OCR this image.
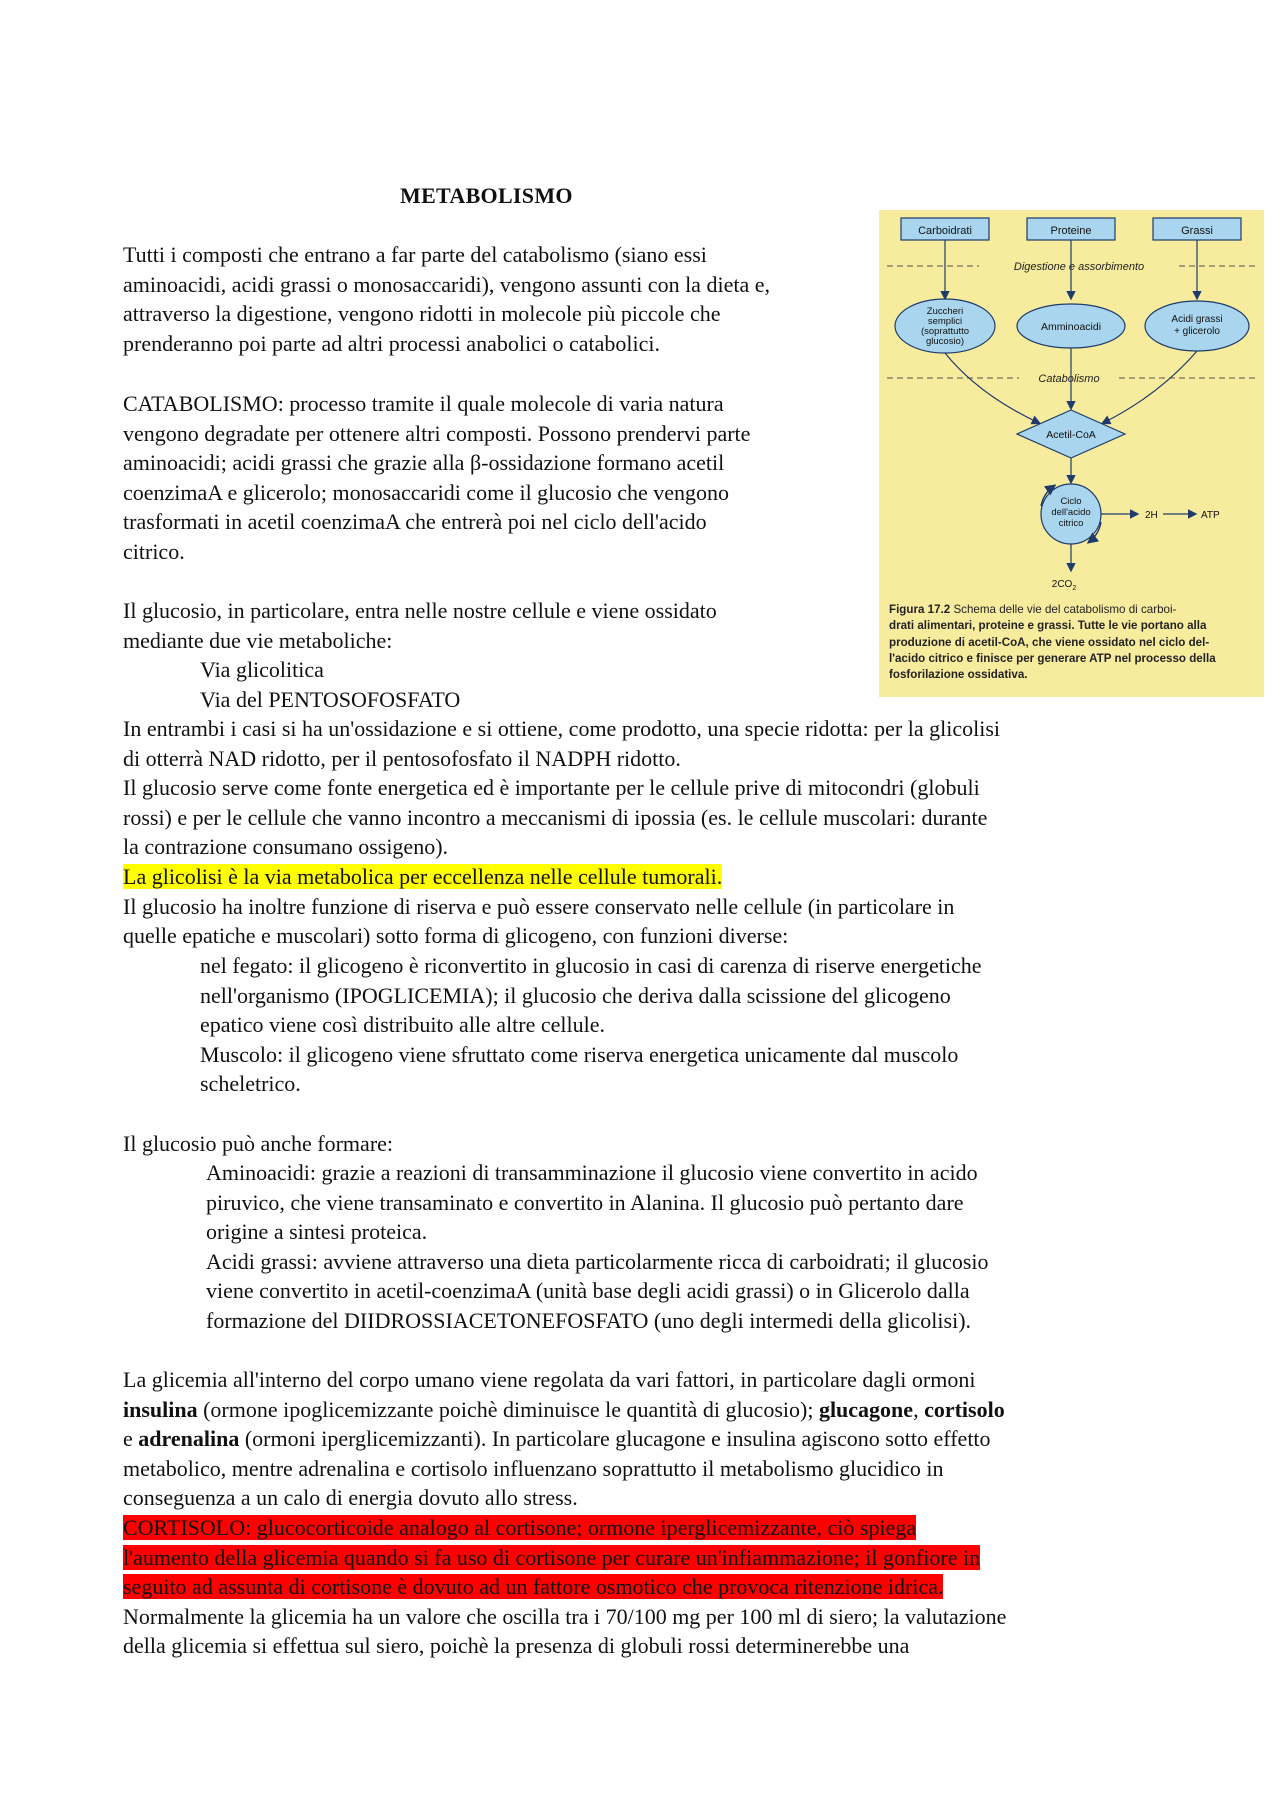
METABOLISMO

Tutti i composti che entrano a far parte del catabolismo (siano essi

aminoacidi, acidi grassi o monosaccaridi), vengono assunti con la dieta e,

attraverso la digestione, vengono ridotti in molecole più piccole che

prenderanno poi parte ad altri processi anabolici o catabolici.

CATABOLISMO: processo tramite il quale molecole di varia natura

vengono degradate per ottenere altri composti. Possono prendervi parte

aminoacidi; acidi grassi che grazie alla β-ossidazione formano acetil

coenzimaA e glicerolo; monosaccaridi come il glucosio che vengono

trasformati in acetil coenzimaA che entrerà poi nel ciclo dell'acido

citrico.

Il glucosio, in particolare, entra nelle nostre cellule e viene ossidato

mediante due vie metaboliche:

Via glicolitica

Via del PENTOSOFOSFATO

In entrambi i casi si ha un'ossidazione e si ottiene, come prodotto, una specie ridotta: per la glicolisi

di otterrà NAD ridotto, per il pentosofosfato il NADPH ridotto.

Il glucosio serve come fonte energetica ed è importante per le cellule prive di mitocondri (globuli

rossi) e per le cellule che vanno incontro a meccanismi di ipossia (es. le cellule muscolari: durante

la contrazione consumano ossigeno).

La glicolisi è la via metabolica per eccellenza nelle cellule tumorali.

Il glucosio ha inoltre funzione di riserva e può essere conservato nelle cellule (in particolare in

quelle epatiche e muscolari) sotto forma di glicogeno, con funzioni diverse:

nel fegato: il glicogeno è riconvertito in glucosio in casi di carenza di riserve energetiche

nell'organismo (IPOGLICEMIA); il glucosio che deriva dalla scissione del glicogeno

epatico viene così distribuito alle altre cellule.

Muscolo: il glicogeno viene sfruttato come riserva energetica unicamente dal muscolo

scheletrico.

Il glucosio può anche formare:

Aminoacidi: grazie a reazioni di transamminazione il glucosio viene convertito in acido

piruvico, che viene transaminato e convertito in Alanina. Il glucosio può pertanto dare

origine a sintesi proteica.

Acidi grassi: avviene attraverso una dieta particolarmente ricca di carboidrati; il glucosio

viene convertito in acetil-coenzimaA (unità base degli acidi grassi) o in Glicerolo dalla

formazione del DIIDROSSIACETONEFOSFATO (uno degli intermedi della glicolisi).

La glicemia all'interno del corpo umano viene regolata da vari fattori, in particolare dagli ormoni

insulina (ormone ipoglicemizzante poichè diminuisce le quantità di glucosio); glucagone, cortisolo

e adrenalina (ormoni iperglicemizzanti). In particolare glucagone e insulina agiscono sotto effetto

metabolico, mentre adrenalina e cortisolo influenzano soprattutto il metabolismo glucidico in

conseguenza a un calo di energia dovuto allo stress.

CORTISOLO: glucocorticoide analogo al cortisone; ormone iperglicemizzante, ciò spiega

l'aumento della glicemia quando si fa uso di cortisone per curare un'infiammazione; il gonfiore in

seguito ad assunta di cortisone è dovuto ad un fattore osmotico che provoca ritenzione idrica.

Normalmente la glicemia ha un valore che oscilla tra i 70/100 mg per 100 ml di siero; la valutazione

della glicemia si effettua sul siero, poichè la presenza di globuli rossi determinerebbe una

Carboidrati	Proteine	Grassi
Digestione e assorbimento
Zuccheri
semplici
(soprattutto
glucosio)
Amminoacidi
Acidi grassi
+ glicerolo
Catabolismo
Acetil-CoA
Ciclo
dell'acido
citrico
2H	ATP
$2CO_2$
Figura 17.2 Schema delle vie del catabolismo di carboi-
drati alimentari, proteine e grassi. Tutte le vie portano alla
produzione di acetil-CoA, che viene ossidato nel ciclo del-
l'acido citrico e finisce per generare ATP nel processo della
fosforilazione ossidativa.
